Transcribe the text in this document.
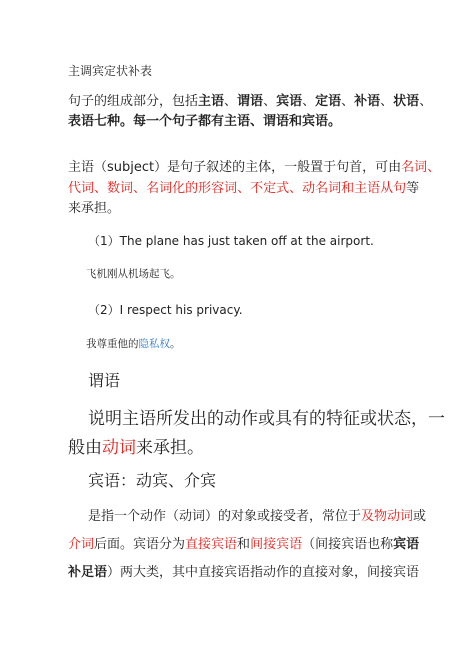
主调宾定状补表

句子的组成部分，包括主语、谓语、宾语、定语、补语、状语、

表语七种。每一个句子都有主语、谓语和宾语。

主语（subject）是句子叙述的主体，一般置于句首，可由名词、

代词、数词、名词化的形容词、不定式、动名词和主语从句等

来承担。

（1）The plane has just taken off at the airport.

飞机刚从机场起飞。

（2）I respect his privacy.

我尊重他的隐私权。

谓语

说明主语所发出的动作或具有的特征或状态，一

般由动词来承担。

宾语：动宾、介宾

是指一个动作（动词）的对象或接受者，常位于及物动词或

介词后面。宾语分为直接宾语和间接宾语（间接宾语也称宾语

补足语）两大类，其中直接宾语指动作的直接对象，间接宾语
